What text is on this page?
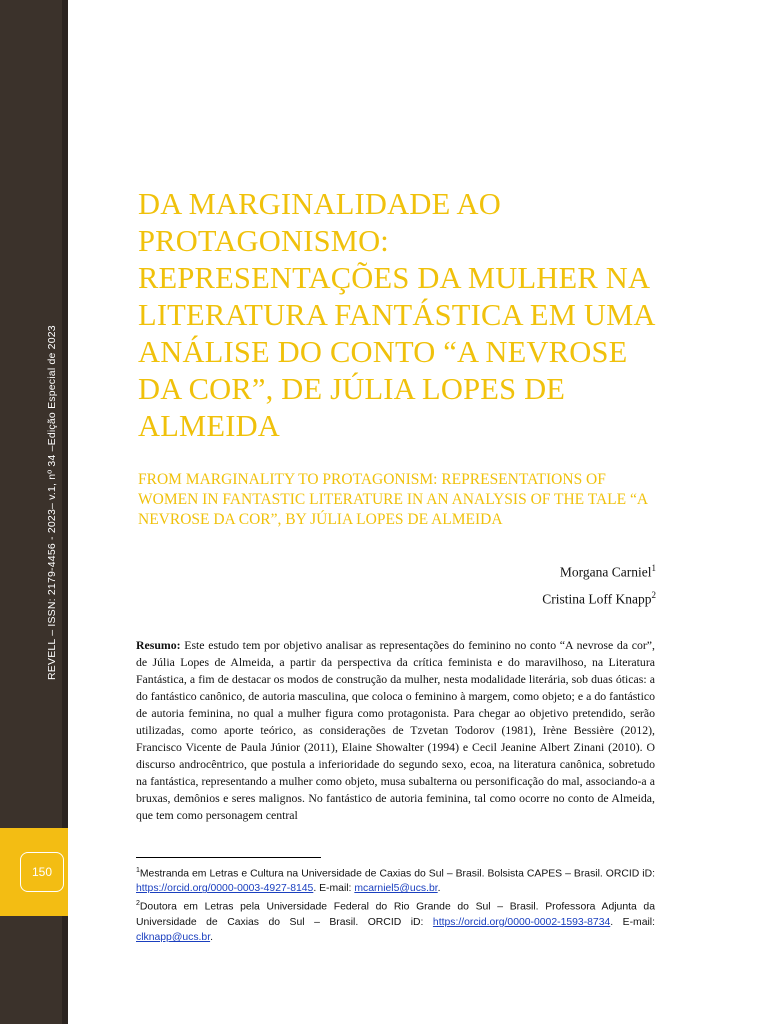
REVELL – ISSN: 2179-4456 - 2023– v.1, nº 34 –Edição Especial de 2023
150
DA MARGINALIDADE AO PROTAGONISMO: REPRESENTAÇÕES DA MULHER NA LITERATURA FANTÁSTICA EM UMA ANÁLISE DO CONTO “A NEVROSE DA COR”, DE JÚLIA LOPES DE ALMEIDA
FROM MARGINALITY TO PROTAGONISM: REPRESENTATIONS OF WOMEN IN FANTASTIC LITERATURE IN AN ANALYSIS OF THE TALE “A NEVROSE DA COR”, BY JÚLIA LOPES DE ALMEIDA
Morgana Carniel$^1$
Cristina Loff Knapp$^2$

Resumo: Este estudo tem por objetivo analisar as representações do feminino no conto “A nevrose da cor”, de Júlia Lopes de Almeida, a partir da perspectiva da crítica feminista e do maravilhoso, na Literatura Fantástica, a fim de destacar os modos de construção da mulher, nesta modalidade literária, sob duas óticas: a do fantástico canônico, de autoria masculina, que coloca o feminino à margem, como objeto; e a do fantástico de autoria feminina, no qual a mulher figura como protagonista. Para chegar ao objetivo pretendido, serão utilizadas, como aporte teórico, as considerações de Tzvetan Todorov (1981), Irène Bessière (2012), Francisco Vicente de Paula Júnior (2011), Elaine Showalter (1994) e Cecil Jeanine Albert Zinani (2010). O discurso androcêntrico, que postula a inferioridade do segundo sexo, ecoa, na literatura canônica, sobretudo na fantástica, representando a mulher como objeto, musa subalterna ou personificação do mal, associando-a a bruxas, demônios e seres malignos. No fantástico de autoria feminina, tal como ocorre no conto de Almeida, que tem como personagem central

$^1$Mestranda em Letras e Cultura na Universidade de Caxias do Sul – Brasil. Bolsista CAPES – Brasil. ORCID iD: https://orcid.org/0000-0003-4927-8145. E-mail: mcarniel5@ucs.br.

$^2$Doutora em Letras pela Universidade Federal do Rio Grande do Sul – Brasil. Professora Adjunta da Universidade de Caxias do Sul – Brasil. ORCID iD: https://orcid.org/0000-0002-1593-8734. E-mail: clknapp@ucs.br.
